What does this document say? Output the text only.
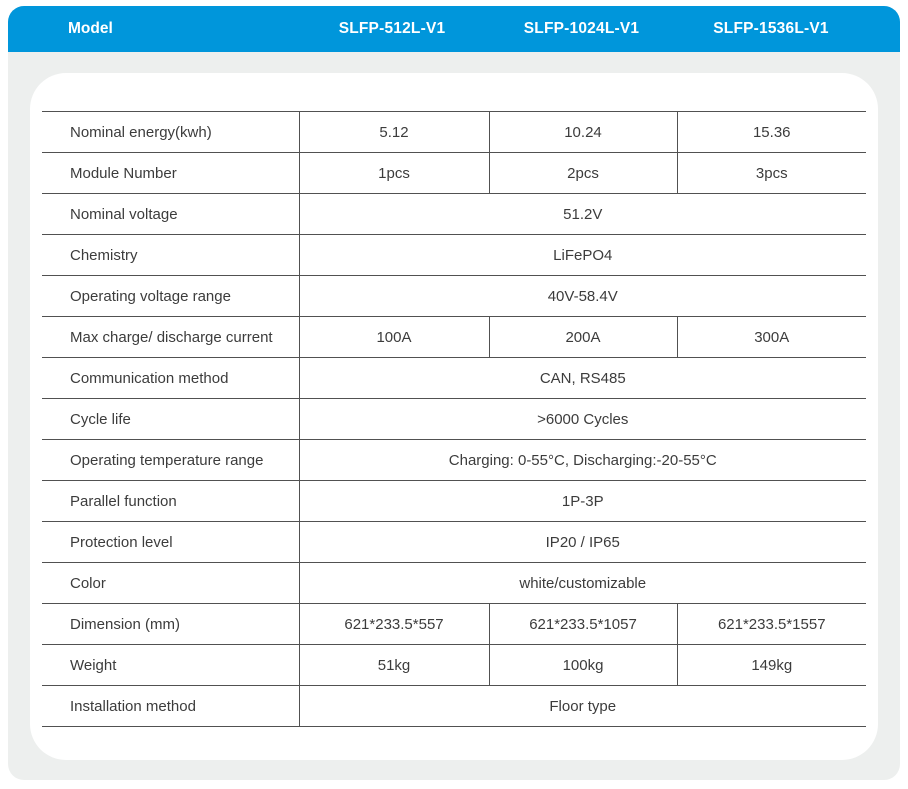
Model	SLFP-512L-V1	SLFP-1024L-V1	SLFP-1536L-V1
Nominal energy(kwh)	5.12	10.24	15.36
Module Number	1pcs	2pcs	3pcs
Nominal voltage	51.2V		
Chemistry	LiFePO4		
Operating voltage range	40V-58.4V		
Max charge/ discharge current	100A	200A	300A
Communication method	CAN, RS485		
Cycle life	>6000 Cycles		
Operating temperature range	Charging: 0-55°C, Discharging:-20-55°C		
Parallel function	1P-3P		
Protection level	IP20 / IP65		
Color	white/customizable		
Dimension (mm)	621*233.5*557	621*233.5*1057	621*233.5*1557
Weight	51kg	100kg	149kg
Installation method	Floor type		
